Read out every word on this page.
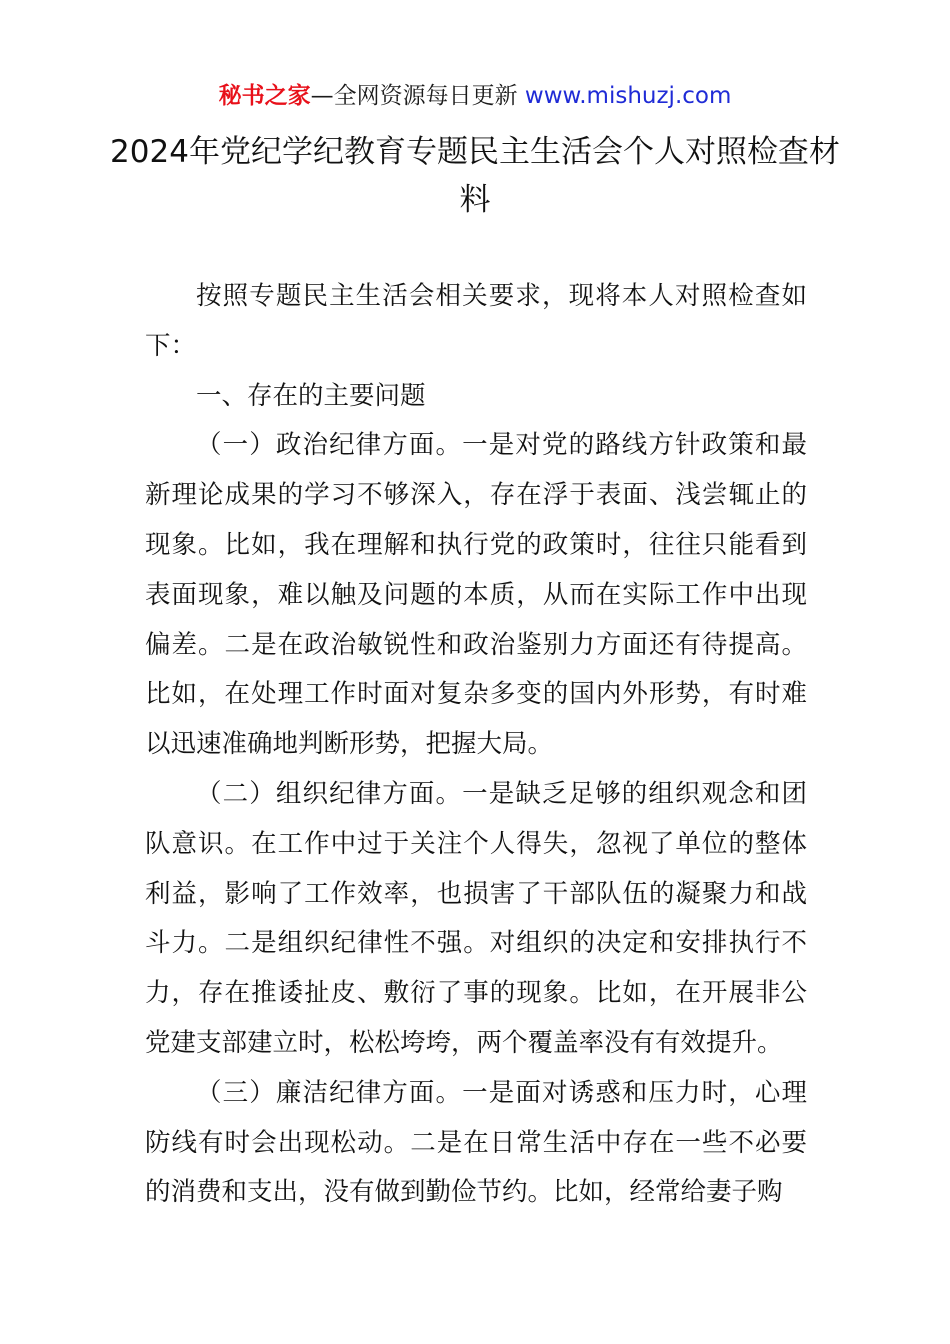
秘书之家—全网资源每日更新 www.mishuzj.com
2024年党纪学纪教育专题民主生活会个人对照检查材料

按照专题民主生活会相关要求，现将本人对照检查如下：

一、存在的主要问题

（一）政治纪律方面。一是对党的路线方针政策和最新理论成果的学习不够深入，存在浮于表面、浅尝辄止的现象。比如，我在理解和执行党的政策时，往往只能看到表面现象，难以触及问题的本质，从而在实际工作中出现偏差。二是在政治敏锐性和政治鉴别力方面还有待提高。比如，在处理工作时面对复杂多变的国内外形势，有时难以迅速准确地判断形势，把握大局。

（二）组织纪律方面。一是缺乏足够的组织观念和团队意识。在工作中过于关注个人得失，忽视了单位的整体利益，影响了工作效率，也损害了干部队伍的凝聚力和战斗力。二是组织纪律性不强。对组织的决定和安排执行不力，存在推诿扯皮、敷衍了事的现象。比如，在开展非公党建支部建立时，松松垮垮，两个覆盖率没有有效提升。

（三）廉洁纪律方面。一是面对诱惑和压力时，心理防线有时会出现松动。二是在日常生活中存在一些不必要的消费和支出，没有做到勤俭节约。比如，经常给妻子购
